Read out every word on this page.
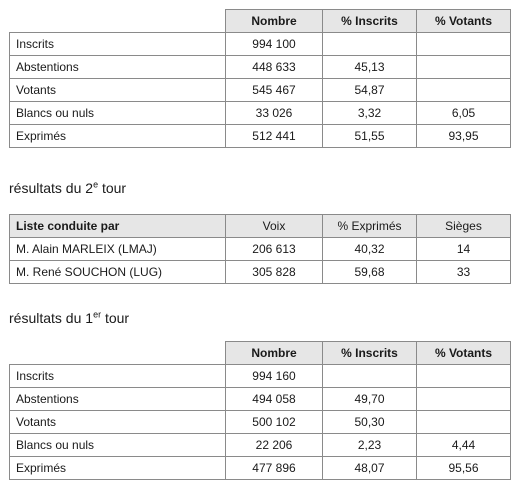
	Nombre	% Inscrits	% Votants
Inscrits	994 100		
Abstentions	448 633	45,13	
Votants	545 467	54,87	
Blancs ou nuls	33 026	3,32	6,05
Exprimés	512 441	51,55	93,95
résultats du 2e tour
Liste conduite par	Voix	% Exprimés	Sièges
M. Alain MARLEIX (LMAJ)	206 613	40,32	14
M. René SOUCHON (LUG)	305 828	59,68	33
résultats du 1er tour
	Nombre	% Inscrits	% Votants
Inscrits	994 160		
Abstentions	494 058	49,70	
Votants	500 102	50,30	
Blancs ou nuls	22 206	2,23	4,44
Exprimés	477 896	48,07	95,56
